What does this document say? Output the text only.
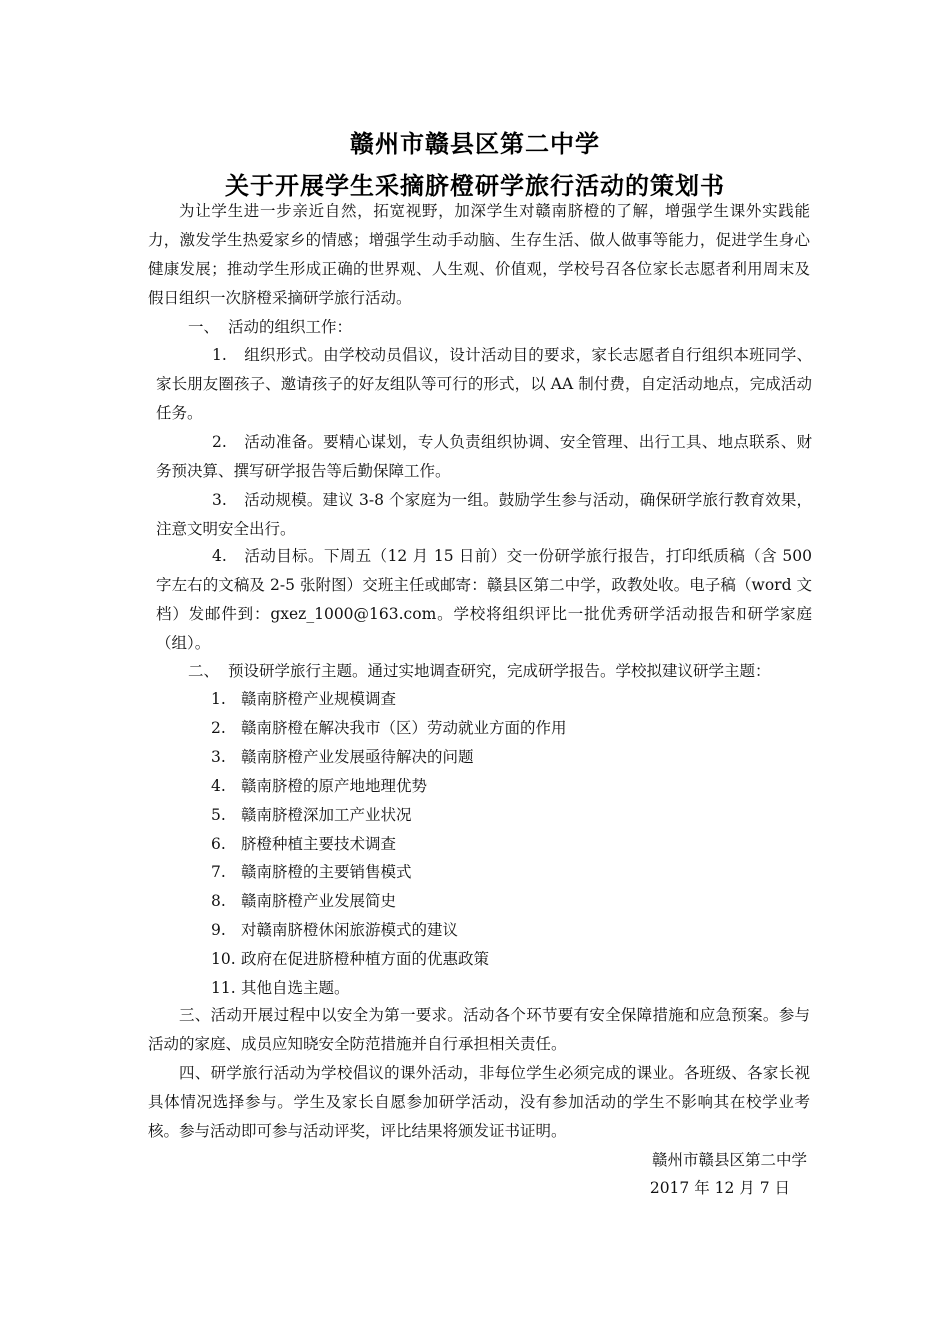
赣州市赣县区第二中学
关于开展学生采摘脐橙研学旅行活动的策划书
为让学生进一步亲近自然，拓宽视野，加深学生对赣南脐橙的了解，增强学生课外实践能力，激发学生热爱家乡的情感；增强学生动手动脑、生存生活、做人做事等能力，促进学生身心健康发展；推动学生形成正确的世界观、人生观、价值观，学校号召各位家长志愿者利用周末及假日组织一次脐橙采摘研学旅行活动。
一、 活动的组织工作：
1. 组织形式。由学校动员倡议，设计活动目的要求，家长志愿者自行组织本班同学、家长朋友圈孩子、邀请孩子的好友组队等可行的形式，以 AA 制付费，自定活动地点，完成活动任务。
2. 活动准备。要精心谋划，专人负责组织协调、安全管理、出行工具、地点联系、财务预决算、撰写研学报告等后勤保障工作。
3. 活动规模。建议 3-8 个家庭为一组。鼓励学生参与活动，确保研学旅行教育效果，注意文明安全出行。
4. 活动目标。下周五（12 月 15 日前）交一份研学旅行报告，打印纸质稿（含 500 字左右的文稿及 2-5 张附图）交班主任或邮寄：赣县区第二中学，政教处收。电子稿（word 文档）发邮件到：gxez_1000@163.com。学校将组织评比一批优秀研学活动报告和研学家庭（组）。
二、 预设研学旅行主题。通过实地调查研究，完成研学报告。学校拟建议研学主题：
1. 赣南脐橙产业规模调查
2. 赣南脐橙在解决我市（区）劳动就业方面的作用
3. 赣南脐橙产业发展亟待解决的问题
4. 赣南脐橙的原产地地理优势
5. 赣南脐橙深加工产业状况
6. 脐橙种植主要技术调查
7. 赣南脐橙的主要销售模式
8. 赣南脐橙产业发展简史
9. 对赣南脐橙休闲旅游模式的建议
10. 政府在促进脐橙种植方面的优惠政策
11. 其他自选主题。
三、活动开展过程中以安全为第一要求。活动各个环节要有安全保障措施和应急预案。参与活动的家庭、成员应知晓安全防范措施并自行承担相关责任。
四、研学旅行活动为学校倡议的课外活动，非每位学生必须完成的课业。各班级、各家长视具体情况选择参与。学生及家长自愿参加研学活动，没有参加活动的学生不影响其在校学业考核。参与活动即可参与活动评奖，评比结果将颁发证书证明。
赣州市赣县区第二中学
2017 年 12 月 7 日
